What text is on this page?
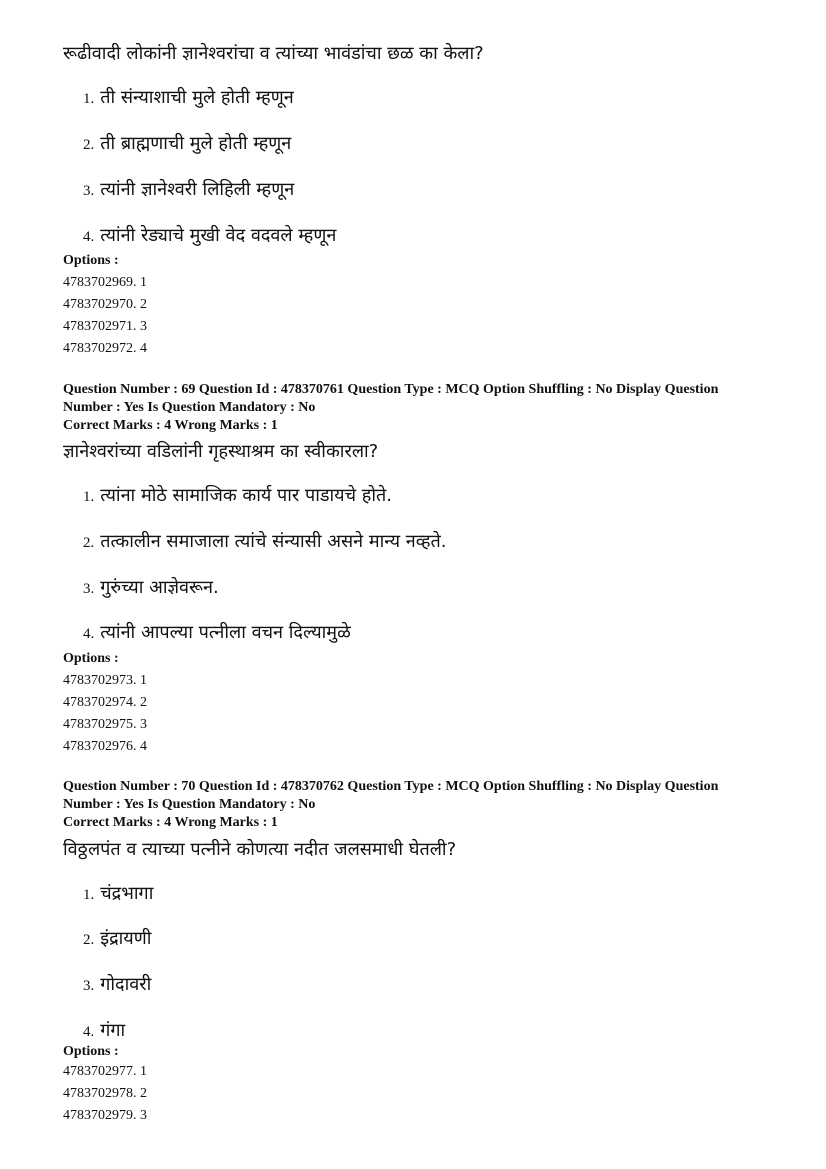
रूढीवादी लोकांनी ज्ञानेश्वरांचा व त्यांच्या भावंडांचा छळ का केला?
1. ती संन्याशाची मुले होती म्हणून
2. ती ब्राह्मणाची मुले होती म्हणून
3. त्यांनी ज्ञानेश्वरी लिहिली म्हणून
4. त्यांनी रेड्याचे मुखी वेद वदवले म्हणून
Options :
4783702969. 1
4783702970. 2
4783702971. 3
4783702972. 4
Question Number : 69 Question Id : 478370761 Question Type : MCQ Option Shuffling : No Display Question
Number : Yes Is Question Mandatory : No
Correct Marks : 4 Wrong Marks : 1
ज्ञानेश्वरांच्या वडिलांनी गृहस्थाश्रम का स्वीकारला?
1. त्यांना मोठे सामाजिक कार्य पार पाडायचे होते.
2. तत्कालीन समाजाला त्यांचे संन्यासी असने मान्य नव्हते.
3. गुरुंच्या आज्ञेवरून.
4. त्यांनी आपल्या पत्नीला वचन दिल्यामुळे
Options :
4783702973. 1
4783702974. 2
4783702975. 3
4783702976. 4
Question Number : 70 Question Id : 478370762 Question Type : MCQ Option Shuffling : No Display Question
Number : Yes Is Question Mandatory : No
Correct Marks : 4 Wrong Marks : 1
विठ्ठलपंत व त्याच्या पत्नीने कोणत्या नदीत जलसमाधी घेतली?
1. चंद्रभागा
2. इंद्रायणी
3. गोदावरी
4. गंगा
Options :
4783702977. 1
4783702978. 2
4783702979. 3
